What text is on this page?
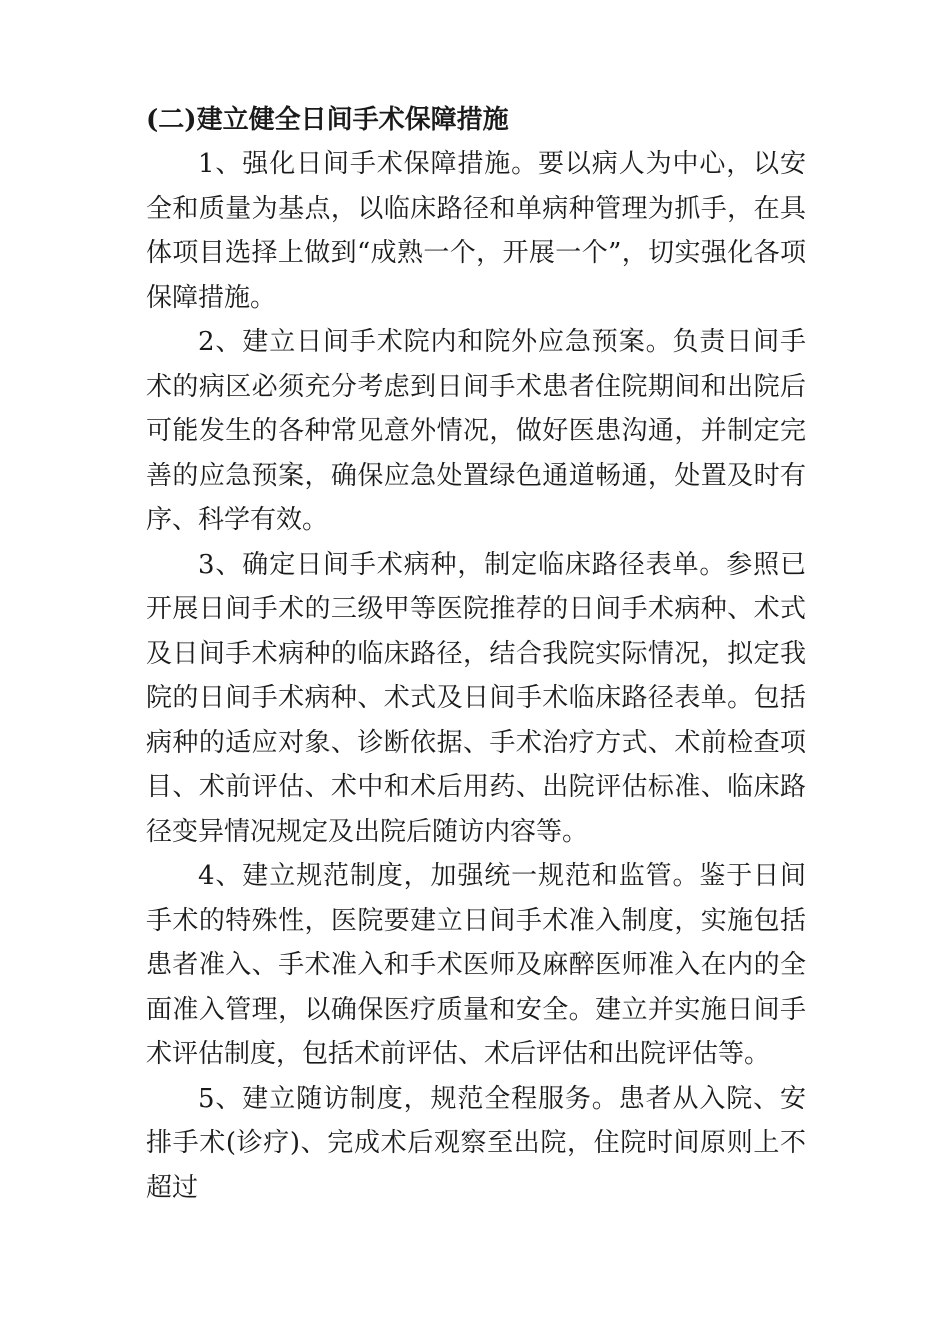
(二)建立健全日间手术保障措施

1、强化日间手术保障措施。要以病人为中心，以安全和质量为基点，以临床路径和单病种管理为抓手，在具体项目选择上做到“成熟一个，开展一个”，切实强化各项保障措施。

2、建立日间手术院内和院外应急预案。负责日间手术的病区必须充分考虑到日间手术患者住院期间和出院后可能发生的各种常见意外情况，做好医患沟通，并制定完善的应急预案，确保应急处置绿色通道畅通，处置及时有序、科学有效。

3、确定日间手术病种，制定临床路径表单。参照已开展日间手术的三级甲等医院推荐的日间手术病种、术式及日间手术病种的临床路径，结合我院实际情况，拟定我院的日间手术病种、术式及日间手术临床路径表单。包括病种的适应对象、诊断依据、手术治疗方式、术前检查项目、术前评估、术中和术后用药、出院评估标准、临床路径变异情况规定及出院后随访内容等。

4、建立规范制度，加强统一规范和监管。鉴于日间手术的特殊性，医院要建立日间手术准入制度，实施包括患者准入、手术准入和手术医师及麻醉医师准入在内的全面准入管理，以确保医疗质量和安全。建立并实施日间手术评估制度，包括术前评估、术后评估和出院评估等。

5、建立随访制度，规范全程服务。患者从入院、安排手术(诊疗)、完成术后观察至出院，住院时间原则上不超过
